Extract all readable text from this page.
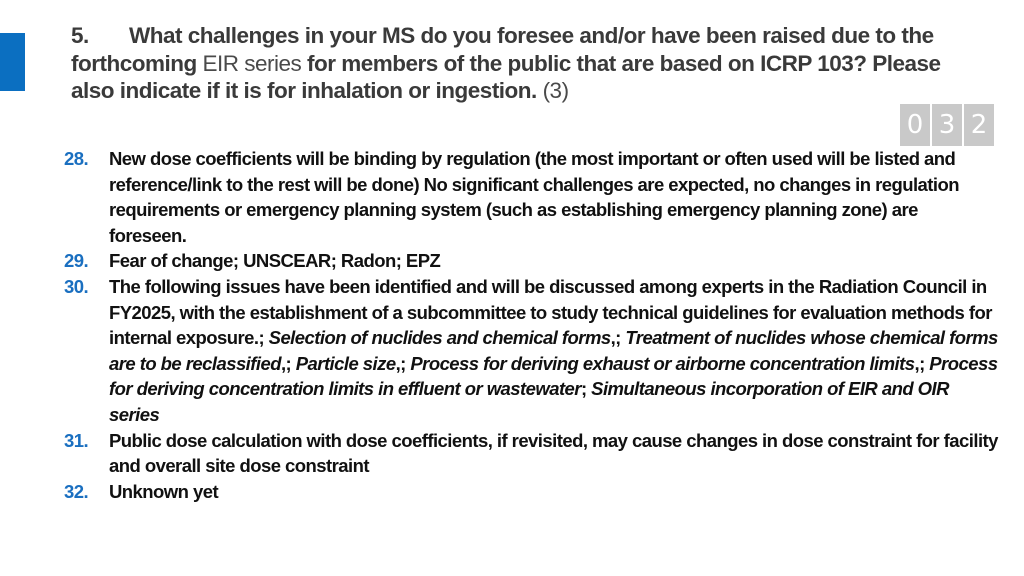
5. What challenges in your MS do you foresee and/or have been raised due to the forthcoming EIR series for members of the public that are based on ICRP 103? Please also indicate if it is for inhalation or ingestion. (3)
0 3 2
28.	New dose coefficients will be binding by regulation (the most important or often used will be listed and reference/link to the rest will be done) No significant challenges are expected, no changes in regulation requirements or emergency planning system (such as establishing emergency planning zone) are foreseen.
29.	Fear of change; UNSCEAR; Radon; EPZ
30.	The following issues have been identified and will be discussed among experts in the Radiation Council in FY2025, with the establishment of a subcommittee to study technical guidelines for evaluation methods for internal exposure.; Selection of nuclides and chemical forms,; Treatment of nuclides whose chemical forms are to be reclassified,; Particle size,; Process for deriving exhaust or airborne concentration limits,; Process for deriving concentration limits in effluent or wastewater; Simultaneous incorporation of EIR and OIR series
31.	Public dose calculation with dose coefficients, if revisited, may cause changes in dose constraint for facility and overall site dose constraint
32.	Unknown yet
